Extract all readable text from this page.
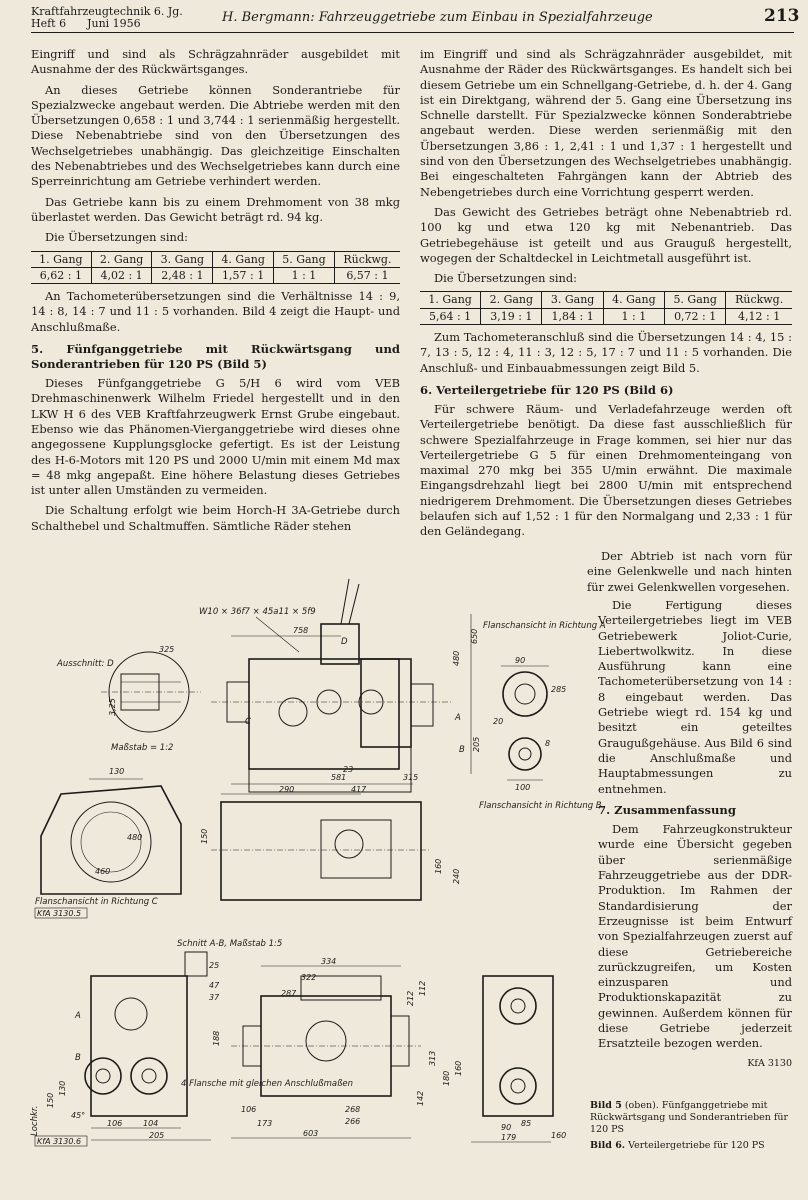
Kraftfahrzeugtechnik 6. Jg.
Heft 6      Juni 1956	H. Bergmann: Fahrzeuggetriebe zum Einbau in Spezialfahrzeuge	213

Eingriff und sind als Schrägzahnräder ausgebildet mit Ausnahme der des Rückwärtsganges.

An dieses Getriebe können Sonderantriebe für Spezialzwecke angebaut werden. Die Abtriebe werden mit den Übersetzungen 0,658 : 1 und 3,744 : 1 serienmäßig hergestellt. Diese Nebenabtriebe sind von den Übersetzungen des Wechselgetriebes unabhängig. Das gleichzeitige Einschalten des Nebenabtriebes und des Wechselgetriebes kann durch eine Sperreinrichtung am Getriebe verhindert werden.

Das Getriebe kann bis zu einem Drehmoment von 38 mkg überlastet werden. Das Gewicht beträgt rd. 94 kg.

Die Übersetzungen sind:

1. Gang	2. Gang	3. Gang	4. Gang	5. Gang	Rückwg.
6,62 : 1	4,02 : 1	2,48 : 1	1,57 : 1	1 : 1	6,57 : 1

An Tachometerübersetzungen sind die Verhältnisse 14 : 9, 14 : 8, 14 : 7 und 11 : 5 vorhanden. Bild 4 zeigt die Haupt- und Anschlußmaße.

5. Fünfganggetriebe mit Rückwärtsgang und Sonderantrieben für 120 PS (Bild 5)

Dieses Fünfganggetriebe G 5/H 6 wird vom VEB Drehmaschinenwerk Wilhelm Friedel hergestellt und in den LKW H 6 des VEB Kraftfahrzeugwerk Ernst Grube eingebaut. Ebenso wie das Phänomen-Vierganggetriebe wird dieses ohne angegossene Kupplungsglocke gefertigt. Es ist der Leistung des H-6-Motors mit 120 PS und 2000 U/min mit einem Md max = 48 mkg angepaßt. Eine höhere Belastung dieses Getriebes ist unter allen Umständen zu vermeiden.

Die Schaltung erfolgt wie beim Horch-H 3A-Getriebe durch Schalthebel und Schaltmuffen. Sämtliche Räder stehen

im Eingriff und sind als Schrägzahnräder ausgebildet, mit Ausnahme der Räder des Rückwärtsganges. Es handelt sich bei diesem Getriebe um ein Schnellgang-Getriebe, d. h. der 4. Gang ist ein Direktgang, während der 5. Gang eine Übersetzung ins Schnelle darstellt. Für Spezialzwecke können Sonderabtriebe angebaut werden. Diese werden serienmäßig mit den Übersetzungen 3,86 : 1, 2,41 : 1 und 1,37 : 1 hergestellt und sind von den Übersetzungen des Wechselgetriebes unabhängig. Bei eingeschalteten Fahrgängen kann der Abtrieb des Nebengetriebes durch eine Vorrichtung gesperrt werden.

Das Gewicht des Getriebes beträgt ohne Nebenabtrieb rd. 100 kg und etwa 120 kg mit Nebenantrieb. Das Getriebegehäuse ist geteilt und aus Grauguß hergestellt, wogegen der Schaltdeckel in Leichtmetall ausgeführt ist.

Die Übersetzungen sind:

1. Gang	2. Gang	3. Gang	4. Gang	5. Gang	Rückwg.
5,64 : 1	3,19 : 1	1,84 : 1	1 : 1	0,72 : 1	4,12 : 1

Zum Tachometeranschluß sind die Übersetzungen 14 : 4, 15 : 7, 13 : 5, 12 : 4, 11 : 3, 12 : 5, 17 : 7 und 11 : 5 vorhanden. Die Anschluß- und Einbauabmessungen zeigt Bild 5.

6. Verteilergetriebe für 120 PS (Bild 6)

Für schwere Räum- und Verladefahrzeuge werden oft Verteilergetriebe benötigt. Da diese fast ausschließlich für schwere Spezialfahrzeuge in Frage kommen, sei hier nur das Verteilergetriebe G 5 für einen Drehmomenteingang von maximal 270 mkg bei 355 U/min erwähnt. Die maximale Eingangsdrehzahl liegt bei 2800 U/min mit entsprechend niedrigerem Drehmoment. Die Übersetzungen dieses Getriebes belaufen sich auf 1,52 : 1 für den Normalgang und 2,33 : 1 für den Geländegang.

Der Abtrieb ist nach vorn für eine Gelenkwelle und nach hinten für zwei Gelenkwellen vorgesehen.

Die Fertigung dieses Verteilergetriebes liegt im VEB Getriebewerk Joliot-Curie, Liebertwolkwitz. In diese Ausführung kann eine Tachometerübersetzung von 14 : 8 eingebaut werden. Das Getriebe wiegt rd. 154 kg und besitzt ein geteiltes Graugußgehäuse. Aus Bild 6 sind die Anschlußmaße und Hauptabmessungen zu entnehmen.

7. Zusammenfassung

Dem Fahrzeugkonstrukteur wurde eine Übersicht gegeben über serienmäßige Fahrzeuggetriebe aus der DDR-Produktion. Im Rahmen der Standardisierung der Erzeugnisse ist beim Entwurf von Spezialfahrzeugen zuerst auf diese Getriebereiche zurückzugreifen, um Kosten einzusparen und Produktionskapazität zu gewinnen. Außerdem können für diese Getriebe jederzeit Ersatzteile bezogen werden.

KfA 3130
Ausschnitt: D
325
3,25
Maßstab = 1:2
W10 × 36f7 × 45a11 × 5f9
758	650
480
205
581
23
315
C	A
B
D
290	417
150
160
240
130
480
460
Flanschansicht in Richtung C
KfA 3130.5
Flanschansicht in Richtung A
90
285
100
8
20
Flanschansicht in Richtung B
Schnitt A-B, Maßstab 1:5
A
B
Lochkr.
150
130
45°
106	104
205
4 Flansche mit gleichen Anschlußmaßen
KfA 3130.6
25
47
37
334
322
287
268
266
603
173
106
188
212
112
313
142
180
160
90 85
160
179
Bild 5 (oben). Fünfganggetriebe mit Rückwärtsgang und Sonderantrieben für 120 PS
Bild 6. Verteilergetriebe für 120 PS
